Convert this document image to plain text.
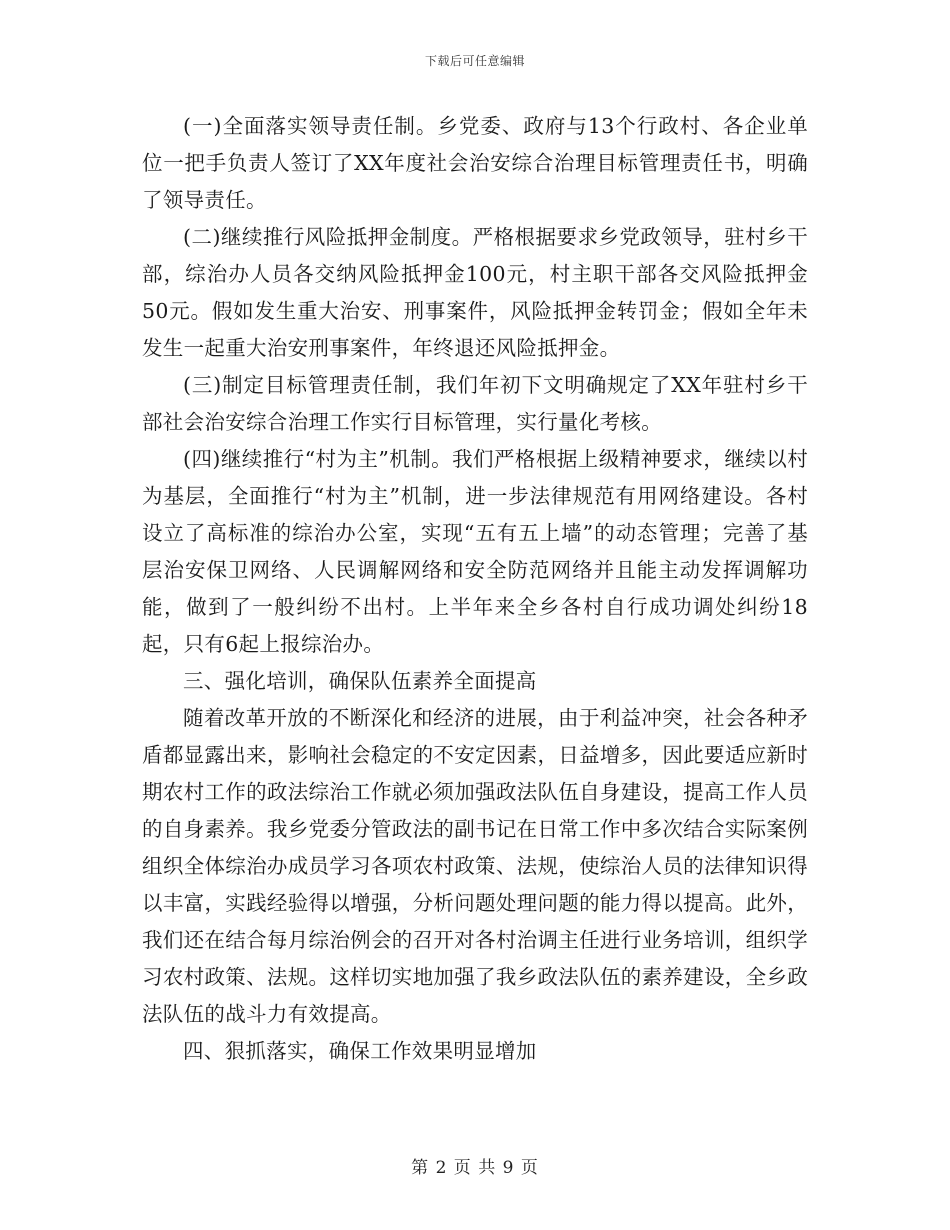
下载后可任意编辑

(一)全面落实领导责任制。乡党委、政府与13个行政村、各企业单位一把手负责人签订了XX年度社会治安综合治理目标管理责任书，明确了领导责任。

(二)继续推行风险抵押金制度。严格根据要求乡党政领导，驻村乡干部，综治办人员各交纳风险抵押金100元，村主职干部各交风险抵押金50元。假如发生重大治安、刑事案件，风险抵押金转罚金；假如全年未发生一起重大治安刑事案件，年终退还风险抵押金。

(三)制定目标管理责任制，我们年初下文明确规定了XX年驻村乡干部社会治安综合治理工作实行目标管理，实行量化考核。

(四)继续推行“村为主”机制。我们严格根据上级精神要求，继续以村为基层，全面推行“村为主”机制，进一步法律规范有用网络建设。各村设立了高标准的综治办公室，实现“五有五上墙”的动态管理；完善了基层治安保卫网络、人民调解网络和安全防范网络并且能主动发挥调解功能，做到了一般纠纷不出村。上半年来全乡各村自行成功调处纠纷18起，只有6起上报综治办。

三、强化培训，确保队伍素养全面提高

随着改革开放的不断深化和经济的进展，由于利益冲突，社会各种矛盾都显露出来，影响社会稳定的不安定因素，日益增多，因此要适应新时期农村工作的政法综治工作就必须加强政法队伍自身建设，提高工作人员的自身素养。我乡党委分管政法的副书记在日常工作中多次结合实际案例组织全体综治办成员学习各项农村政策、法规，使综治人员的法律知识得以丰富，实践经验得以增强，分析问题处理问题的能力得以提高。此外，我们还在结合每月综治例会的召开对各村治调主任进行业务培训，组织学习农村政策、法规。这样切实地加强了我乡政法队伍的素养建设，全乡政法队伍的战斗力有效提高。

四、狠抓落实，确保工作效果明显增加

第 2 页 共 9 页
